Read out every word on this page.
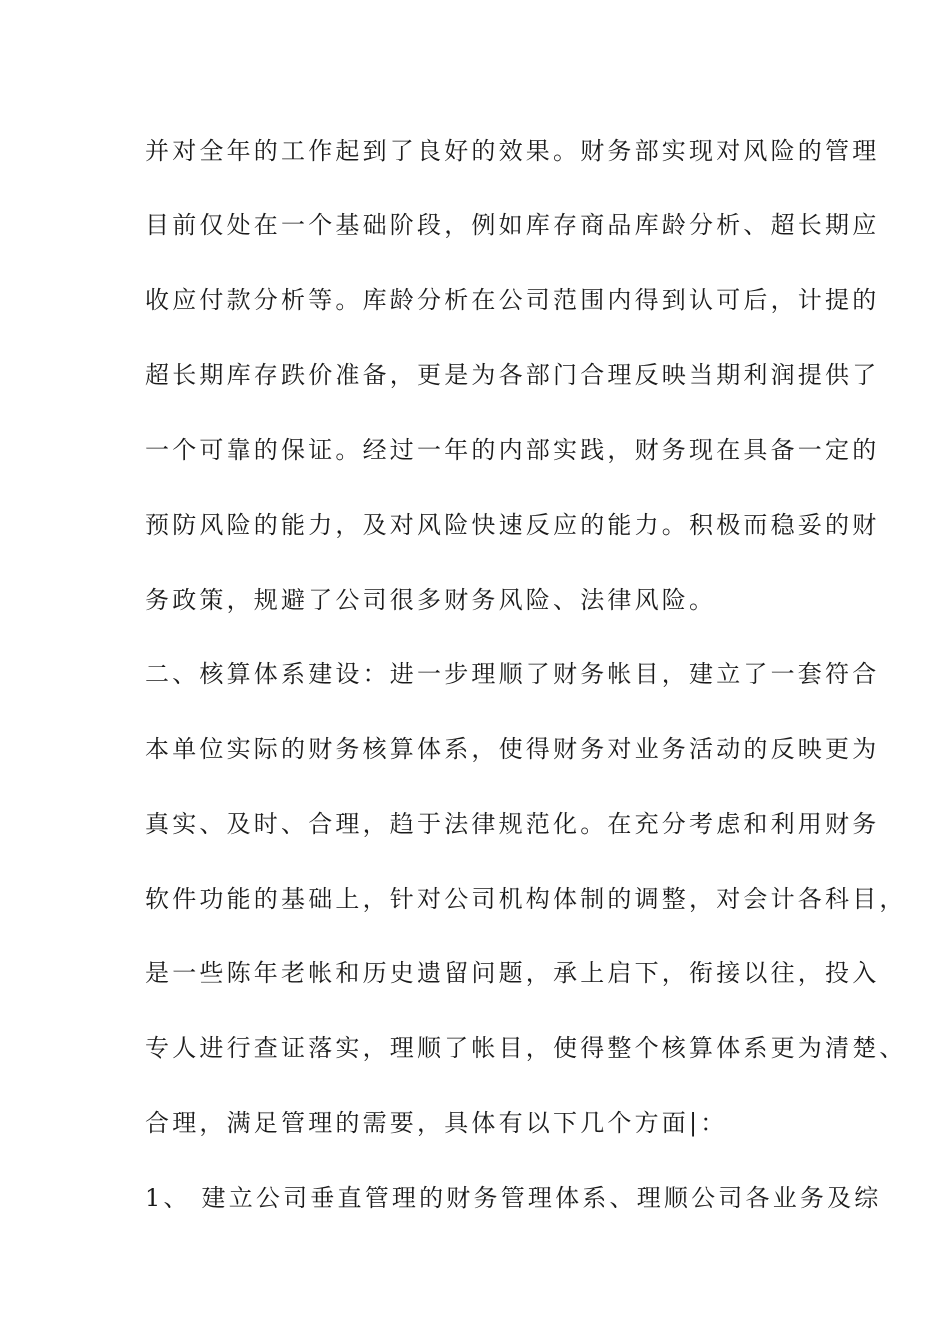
并对全年的工作起到了良好的效果。财务部实现对风险的管理
目前仅处在一个基础阶段，例如库存商品库龄分析、超长期应
收应付款分析等。库龄分析在公司范围内得到认可后，计提的
超长期库存跌价准备，更是为各部门合理反映当期利润提供了
一个可靠的保证。经过一年的内部实践，财务现在具备一定的
预防风险的能力，及对风险快速反应的能力。积极而稳妥的财
务政策，规避了公司很多财务风险、法律风险。
二、核算体系建设：进一步理顺了财务帐目，建立了一套符合
本单位实际的财务核算体系，使得财务对业务活动的反映更为
真实、及时、合理，趋于法律规范化。在充分考虑和利用财务
软件功能的基础上，针对公司机构体制的调整，对会计各科目，
是一些陈年老帐和历史遗留问题，承上启下，衔接以往，投入
专人进行查证落实，理顺了帐目，使得整个核算体系更为清楚、
合理，满足管理的需要，具体有以下几个方面|：
1、 建立公司垂直管理的财务管理体系、理顺公司各业务及综
